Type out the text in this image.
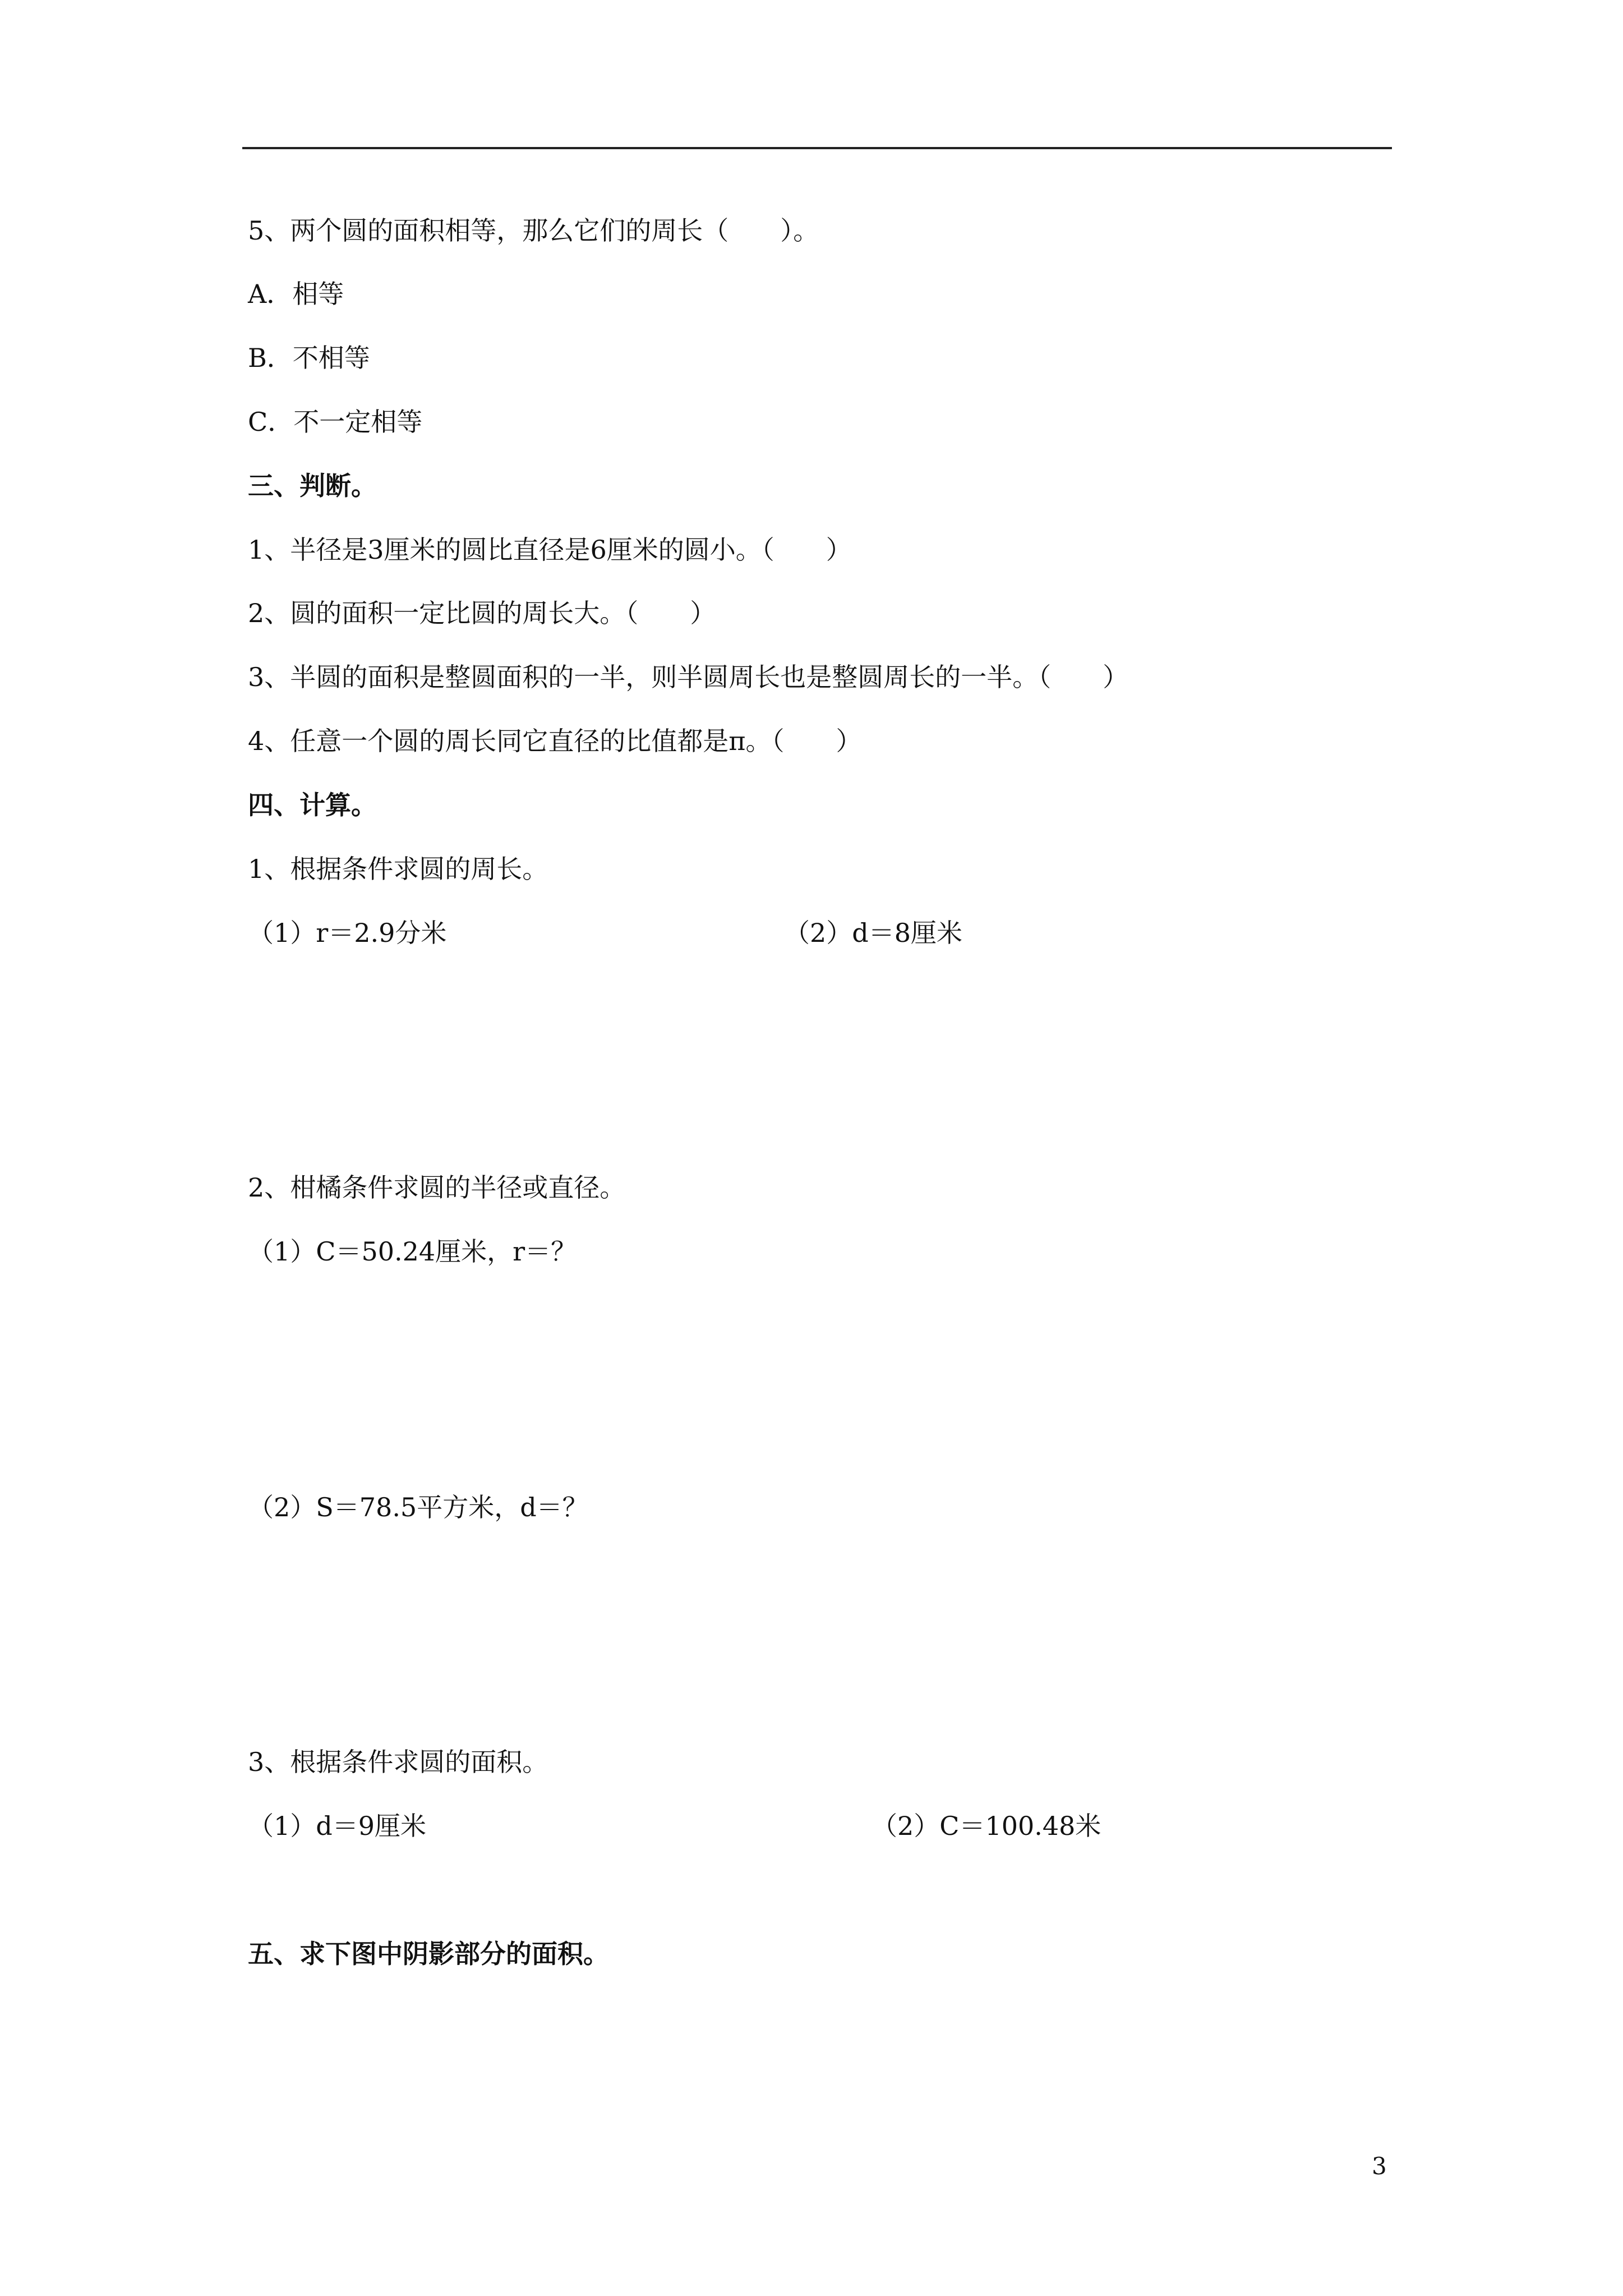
5、两个圆的面积相等，那么它们的周长（　　）。
A．相等
B．不相等
C．不一定相等
三、判断。
1、半径是3厘米的圆比直径是6厘米的圆小。（　　）
2、圆的面积一定比圆的周长大。（　　）
3、半圆的面积是整圆面积的一半，则半圆周长也是整圆周长的一半。（　　）
4、任意一个圆的周长同它直径的比值都是π。（　　）
四、计算。
1、根据条件求圆的周长。
（1）r＝2.9分米	（2）d＝8厘米
2、柑橘条件求圆的半径或直径。
（1）C＝50.24厘米，r＝？
（2）S＝78.5平方米，d＝？
3、根据条件求圆的面积。
（1）d＝9厘米	（2）C＝100.48米
五、求下图中阴影部分的面积。
3
